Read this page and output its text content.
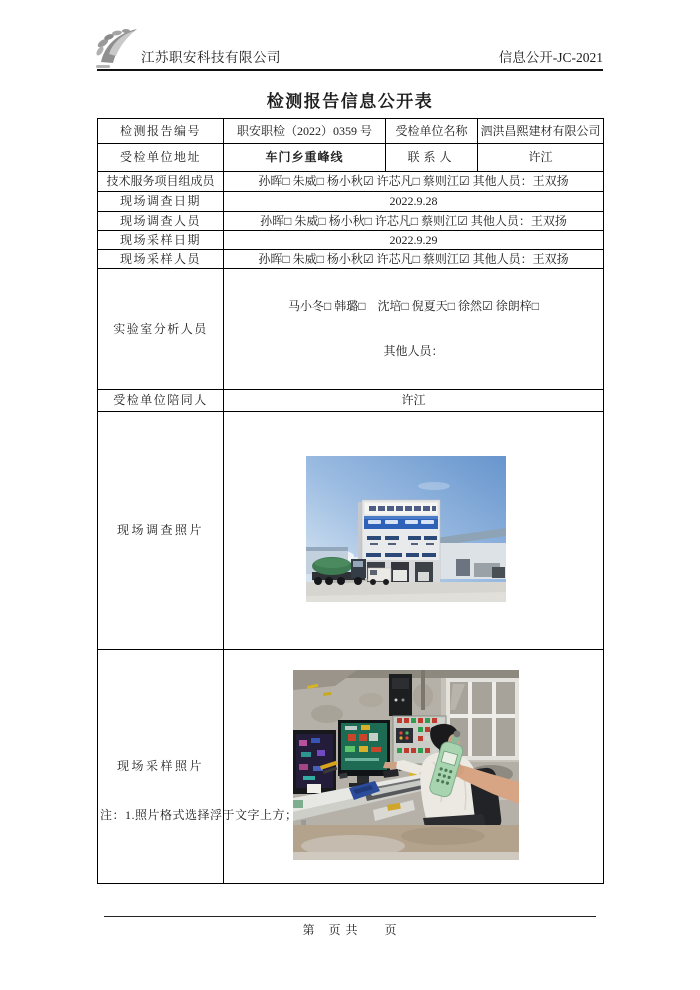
江苏职安科技有限公司	信息公开-JC-2021
检测报告信息公开表
检测报告编号	职安职检（2022）0359 号	受检单位名称	泗洪昌熙建材有限公司
受检单位地址	车门乡重峰线	联系人	许江
技术服务项目组成员	孙晖□ 朱威□ 杨小秋☑ 许芯凡□ 蔡则江☑ 其他人员：王双扬		
现场调查日期	2022.9.28		
现场调查人员	孙晖□ 朱威□ 杨小秋□ 许芯凡□ 蔡则江☑ 其他人员：王双扬		
现场采样日期	2022.9.29		
现场采样人员	孙晖□ 朱威□ 杨小秋☑ 许芯凡□ 蔡则江☑ 其他人员：王双扬		
实验室分析人员	马小冬□ 韩璐□　沈培□ 倪夏天□ 徐然☑ 徐朗梓□

其他人员：		

受检单位陪同人	许江		
现场调查照片	
现场采样照片	
注：1.照片格式选择浮于文字上方；
第　页 共　　页
